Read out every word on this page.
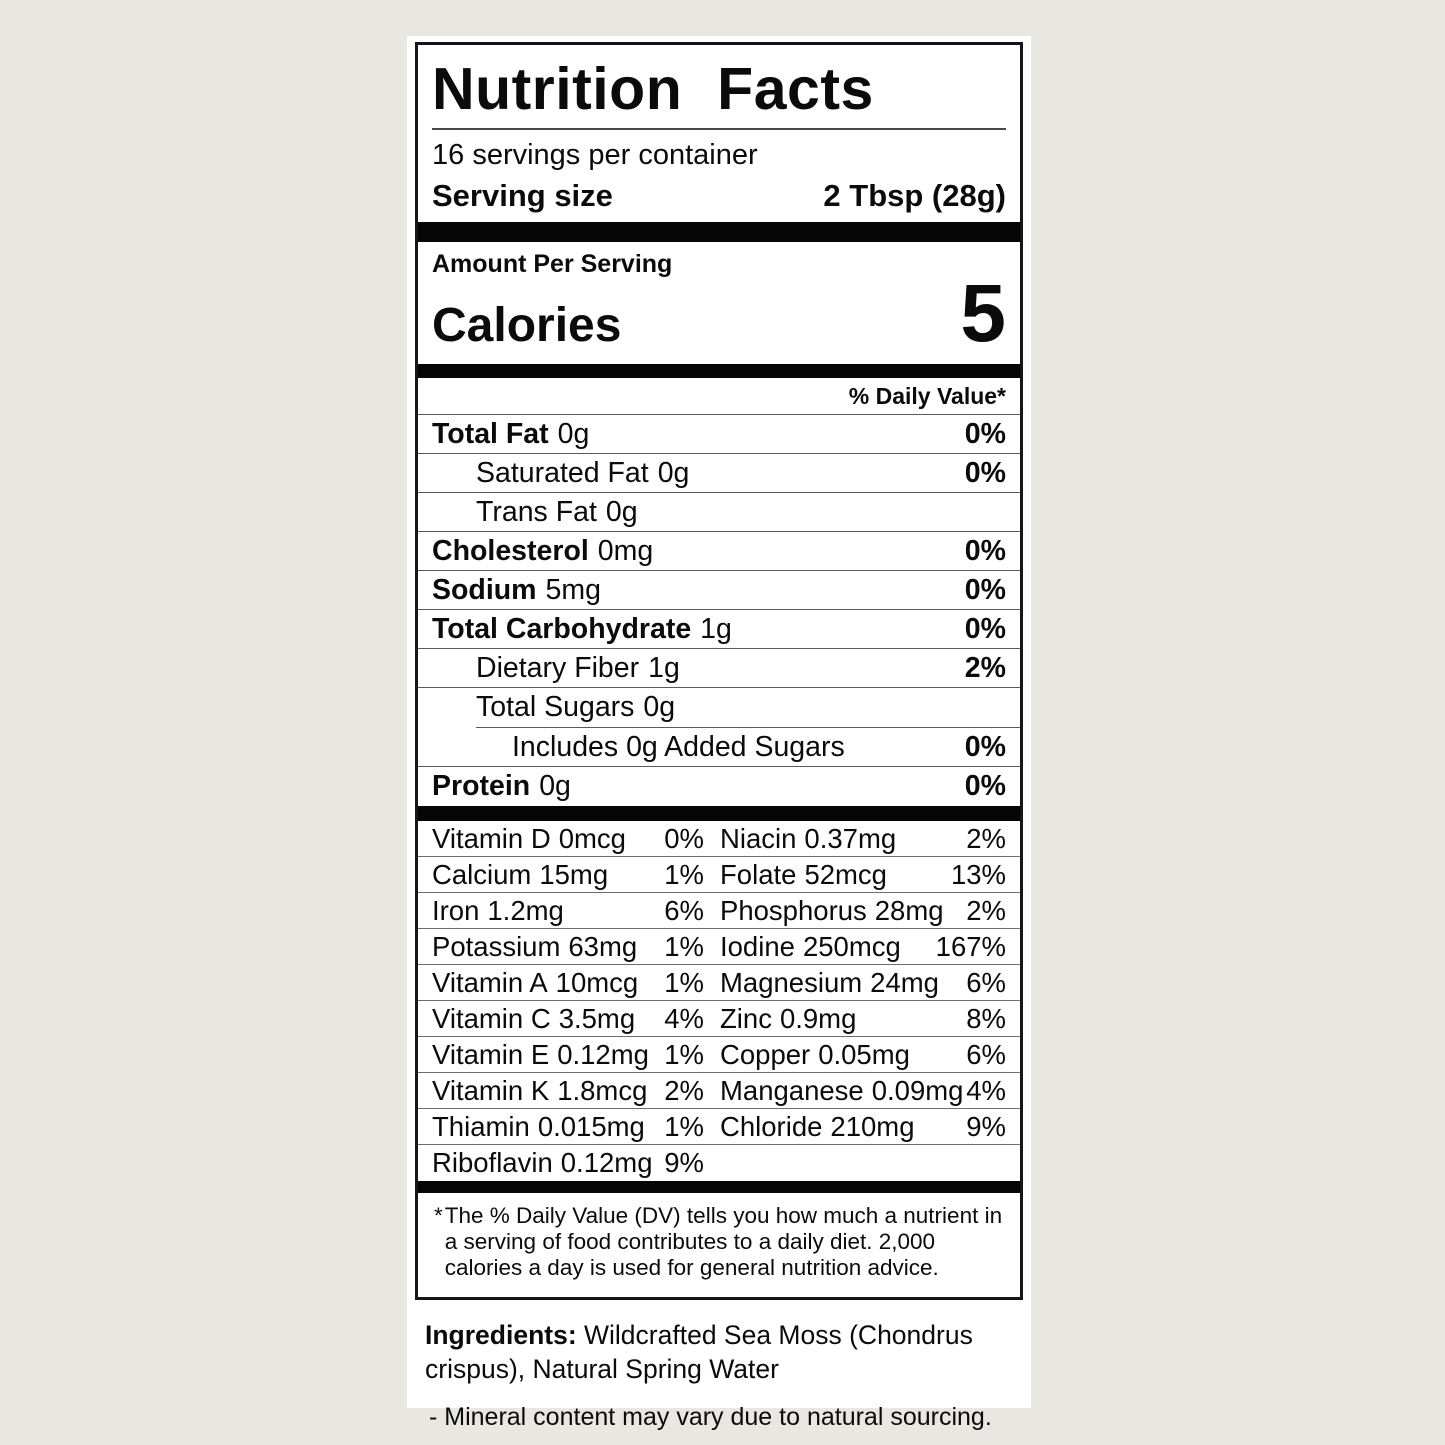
Nutrition Facts
16 servings per container
Serving size	2 Tbsp (28g)
Amount Per Serving
Calories	5
% Daily Value*
Total Fat 0g	0%
Saturated Fat 0g	0%
Trans Fat 0g
Cholesterol 0mg	0%
Sodium 5mg	0%
Total Carbohydrate 1g	0%
Dietary Fiber 1g	2%
Total Sugars 0g
Includes 0g Added Sugars	0%
Protein 0g	0%
Vitamin D 0mcg 0% Niacin 0.37mg	2%
Calcium 15mg 1% Folate 52mcg 13%
Iron 1.2mg	6% Phosphorus 28mg 2%
Potassium 63mg 1% Iodine 250mcg 167%
Vitamin A 10mcg 1% Magnesium 24mg 6%
Vitamin C 3.5mg 4% Zinc 0.9mg	8%
Vitamin E 0.12mg 1% Copper 0.05mg 6%
Vitamin K 1.8mcg 2% Manganese 0.09mg 4%
Thiamin 0.015mg 1% Chloride 210mg 9%
Riboflavin 0.12mg 9%
* The % Daily Value (DV) tells you how much a nutrient in a serving of food contributes to a daily diet. 2,000 calories a day is used for general nutrition advice.
Ingredients: Wildcrafted Sea Moss (Chondrus crispus), Natural Spring Water
- Mineral content may vary due to natural sourcing.
